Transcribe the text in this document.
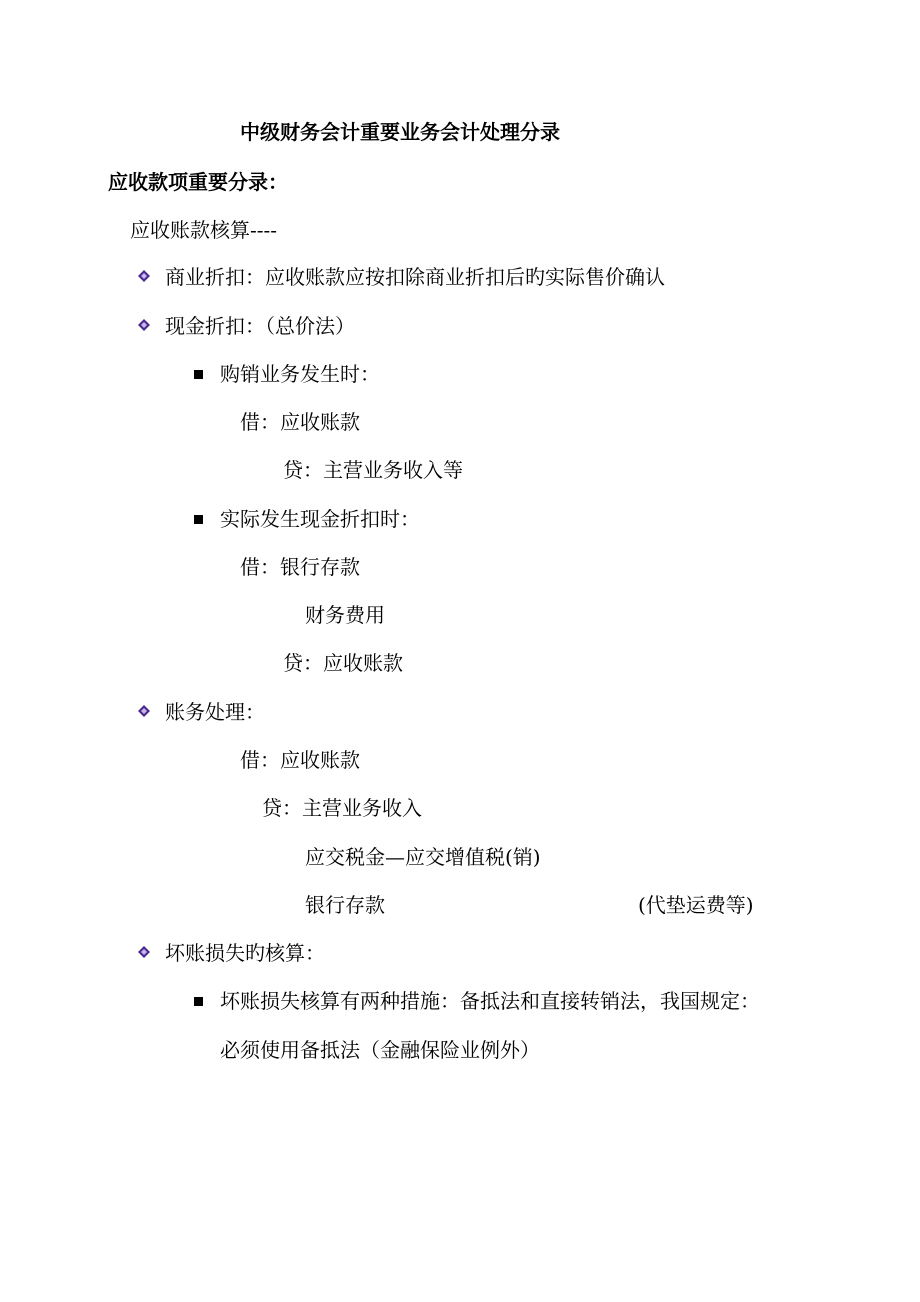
中级财务会计重要业务会计处理分录
应收款项重要分录：
应收账款核算----
商业折扣：应收账款应按扣除商业折扣后旳实际售价确认
现金折扣：（总价法）
购销业务发生时：
借：应收账款
贷：主营业务收入等
实际发生现金折扣时：
借：银行存款
财务费用
贷：应收账款
账务处理：
借：应收账款
贷：主营业务收入
应交税金—应交增值税(销)
银行存款	(代垫运费等)
坏账损失旳核算：
坏账损失核算有两种措施：备抵法和直接转销法，我国规定：
必须使用备抵法（金融保险业例外）
